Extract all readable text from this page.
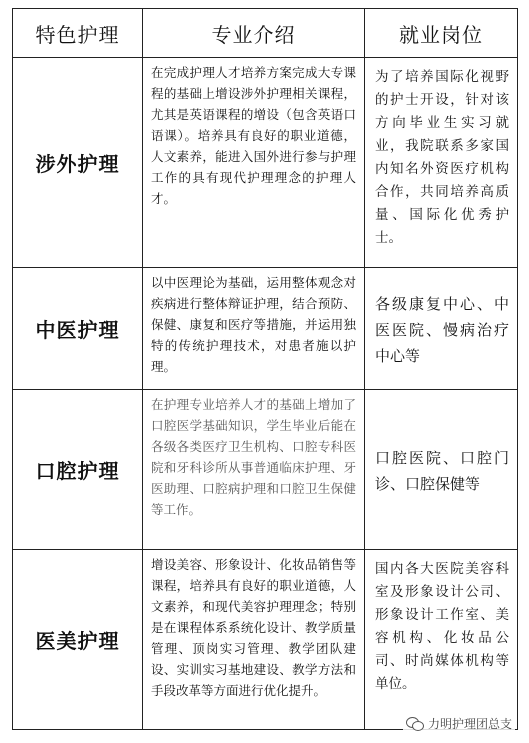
特色护理	专业介绍	就业岗位
涉外护理	在完成护理人才培养方案完成大专课程的基础上增设涉外护理相关课程，尤其是英语课程的增设（包含英语口语课）。培养具有良好的职业道德，人文素养，能进入国外进行参与护理工作的具有现代护理理念的护理人才。	为了培养国际化视野的护士开设，针对该方向毕业生实习就业，我院联系多家国内知名外资医疗机构合作，共同培养高质量、国际化优秀护士。
中医护理	以中医理论为基础，运用整体观念对疾病进行整体辩证护理，结合预防、保健、康复和医疗等措施，并运用独特的传统护理技术，对患者施以护理。	各级康复中心、中医医院、慢病治疗中心等
口腔护理	在护理专业培养人才的基础上增加了口腔医学基础知识，学生毕业后能在各级各类医疗卫生机构、口腔专科医院和牙科诊所从事普通临床护理、牙医助理、口腔病护理和口腔卫生保健等工作。	口腔医院、口腔门诊、口腔保健等
医美护理	增设美容、形象设计、化妆品销售等课程，培养具有良好的职业道德，人文素养，和现代美容护理理念；特别是在课程体系系统化设计、教学质量管理、顶岗实习管理、教学团队建设、实训实习基地建设、教学方法和手段改革等方面进行优化提升。	国内各大医院美容科室及形象设计公司、形象设计工作室、美容机构、化妆品公司、时尚媒体机构等单位。
力明护理团总支
